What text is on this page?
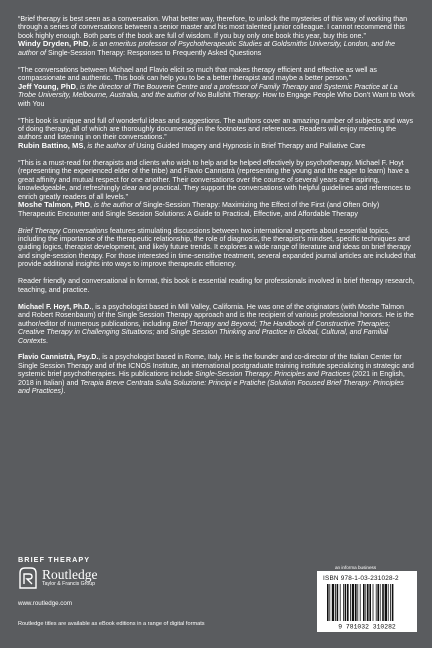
“Brief therapy is best seen as a conversation. What better way, therefore, to unlock the mysteries of this way of working than through a series of conversations between a senior master and his most talented junior colleague. I cannot recommend this book highly enough. Both parts of the book are full of wisdom. If you buy only one book this year, buy this one.”
Windy Dryden, PhD, is an emeritus professor of Psychotherapeutic Studies at Goldsmiths University, London, and the author of Single-Session Therapy: Responses to Frequently Asked Questions
“The conversations between Michael and Flavio elicit so much that makes therapy efficient and effective as well as compassionate and authentic. This book can help you to be a better therapist and maybe a better person.”
Jeff Young, PhD, is the director of The Bouverie Centre and a professor of Family Therapy and Systemic Practice at La Trobe University, Melbourne, Australia, and the author of No Bullshit Therapy: How to Engage People Who Don’t Want to Work with You
“This book is unique and full of wonderful ideas and suggestions. The authors cover an amazing number of subjects and ways of doing therapy, all of which are thoroughly documented in the footnotes and references. Readers will enjoy meeting the authors and listening in on their conversations.”
Rubin Battino, MS, is the author of Using Guided Imagery and Hypnosis in Brief Therapy and Palliative Care
“This is a must-read for therapists and clients who wish to help and be helped effectively by psychotherapy. Michael F. Hoyt (representing the experienced elder of the tribe) and Flavio Cannistrà (representing the young and the eager to learn) have a great affinity and mutual respect for one another. Their conversations over the course of several years are inspiring, knowledgeable, and refreshingly clear and practical. They support the conversations with helpful guidelines and references to enrich greatly readers of all levels.”
Moshe Talmon, PhD, is the author of Single-Session Therapy: Maximizing the Effect of the First (and Often Only) Therapeutic Encounter and Single Session Solutions: A Guide to Practical, Effective, and Affordable Therapy
Brief Therapy Conversations features stimulating discussions between two international experts about essential topics, including the importance of the therapeutic relationship, the role of diagnosis, the therapist’s mindset, specific techniques and guiding logics, therapist development, and likely future trends. It explores a wide range of literature and ideas on brief therapy and single-session therapy. For those interested in time-sensitive treatment, several expanded journal articles are included that provide additional insights into ways to improve therapeutic efficiency.
Reader friendly and conversational in format, this book is essential reading for professionals involved in brief therapy research, teaching, and practice.
Michael F. Hoyt, Ph.D., is a psychologist based in Mill Valley, California. He was one of the originators (with Moshe Talmon and Robert Rosenbaum) of the Single Session Therapy approach and is the recipient of various professional honors. He is the author/editor of numerous publications, including Brief Therapy and Beyond; The Handbook of Constructive Therapies; Creative Therapy in Challenging Situations; and Single Session Thinking and Practice in Global, Cultural, and Familial Contexts.
Flavio Cannistrà, Psy.D., is a psychologist based in Rome, Italy. He is the founder and co-director of the Italian Center for Single Session Therapy and of the ICNOS Institute, an international postgraduate training institute specializing in strategic and systemic brief psychotherapies. His publications include Single-Session Therapy: Principles and Practices (2021 in English, 2018 in Italian) and Terapia Breve Centrata Sulla Soluzione: Principi e Pratiche (Solution Focused Brief Therapy: Principles and Practices).
BRIEF THERAPY
Routledge
Taylor & Francis Group
www.routledge.com
Routledge titles are available as eBook editions in a range of digital formats
an informa business
ISBN 978-1-03-231028-2
9 781032 310282
